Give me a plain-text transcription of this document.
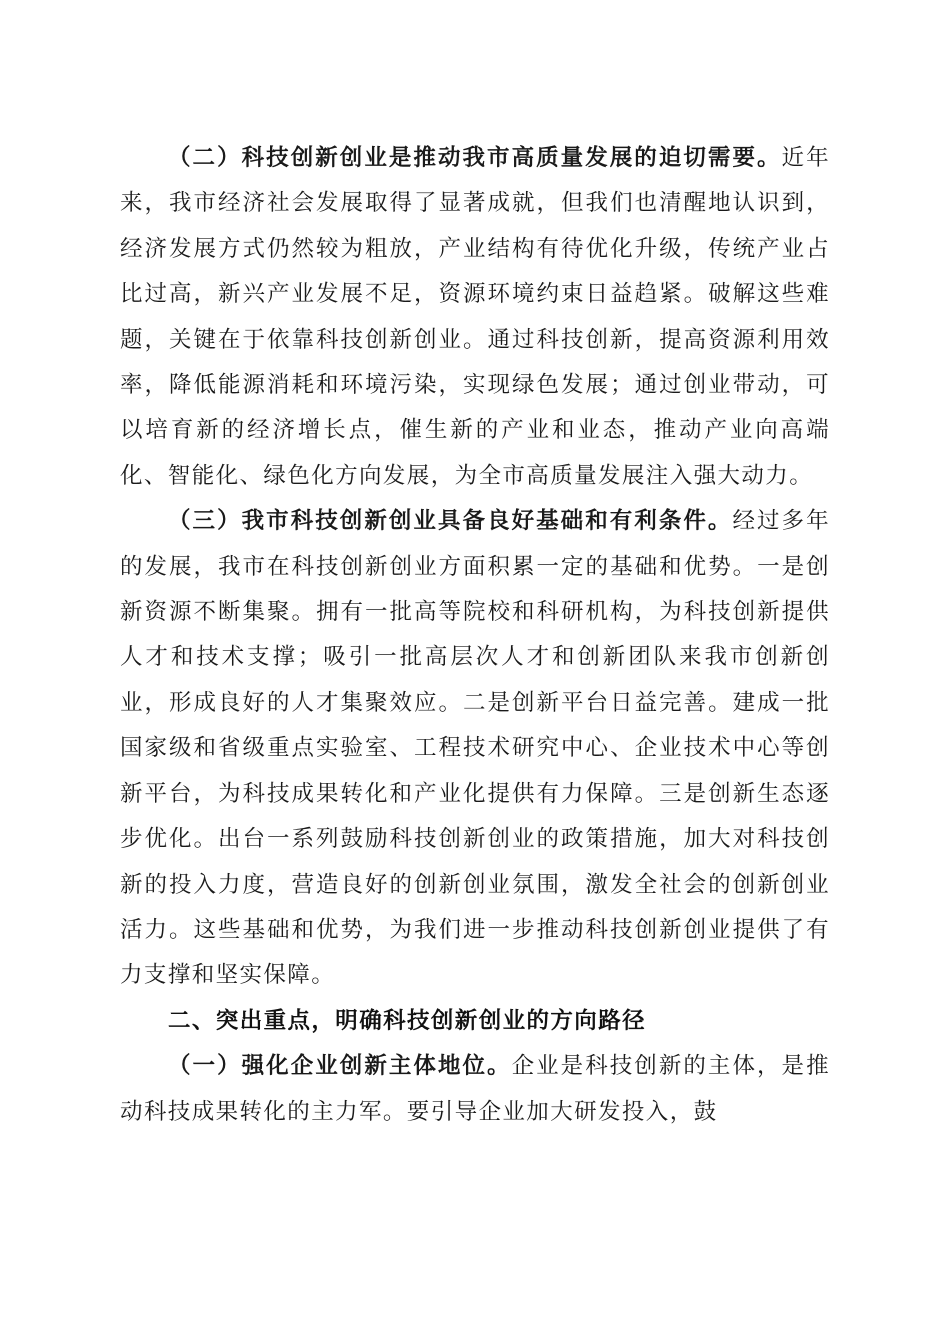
（二）科技创新创业是推动我市高质量发展的迫切需要。近年来，我市经济社会发展取得了显著成就，但我们也清醒地认识到，经济发展方式仍然较为粗放，产业结构有待优化升级，传统产业占比过高，新兴产业发展不足，资源环境约束日益趋紧。破解这些难题，关键在于依靠科技创新创业。通过科技创新，提高资源利用效率，降低能源消耗和环境污染，实现绿色发展；通过创业带动，可以培育新的经济增长点，催生新的产业和业态，推动产业向高端化、智能化、绿色化方向发展，为全市高质量发展注入强大动力。

（三）我市科技创新创业具备良好基础和有利条件。经过多年的发展，我市在科技创新创业方面积累一定的基础和优势。一是创新资源不断集聚。拥有一批高等院校和科研机构，为科技创新提供人才和技术支撑；吸引一批高层次人才和创新团队来我市创新创业，形成良好的人才集聚效应。二是创新平台日益完善。建成一批国家级和省级重点实验室、工程技术研究中心、企业技术中心等创新平台，为科技成果转化和产业化提供有力保障。三是创新生态逐步优化。出台一系列鼓励科技创新创业的政策措施，加大对科技创新的投入力度，营造良好的创新创业氛围，激发全社会的创新创业活力。这些基础和优势，为我们进一步推动科技创新创业提供了有力支撑和坚实保障。

二、突出重点，明确科技创新创业的方向路径

（一）强化企业创新主体地位。企业是科技创新的主体，是推动科技成果转化的主力军。要引导企业加大研发投入，鼓
